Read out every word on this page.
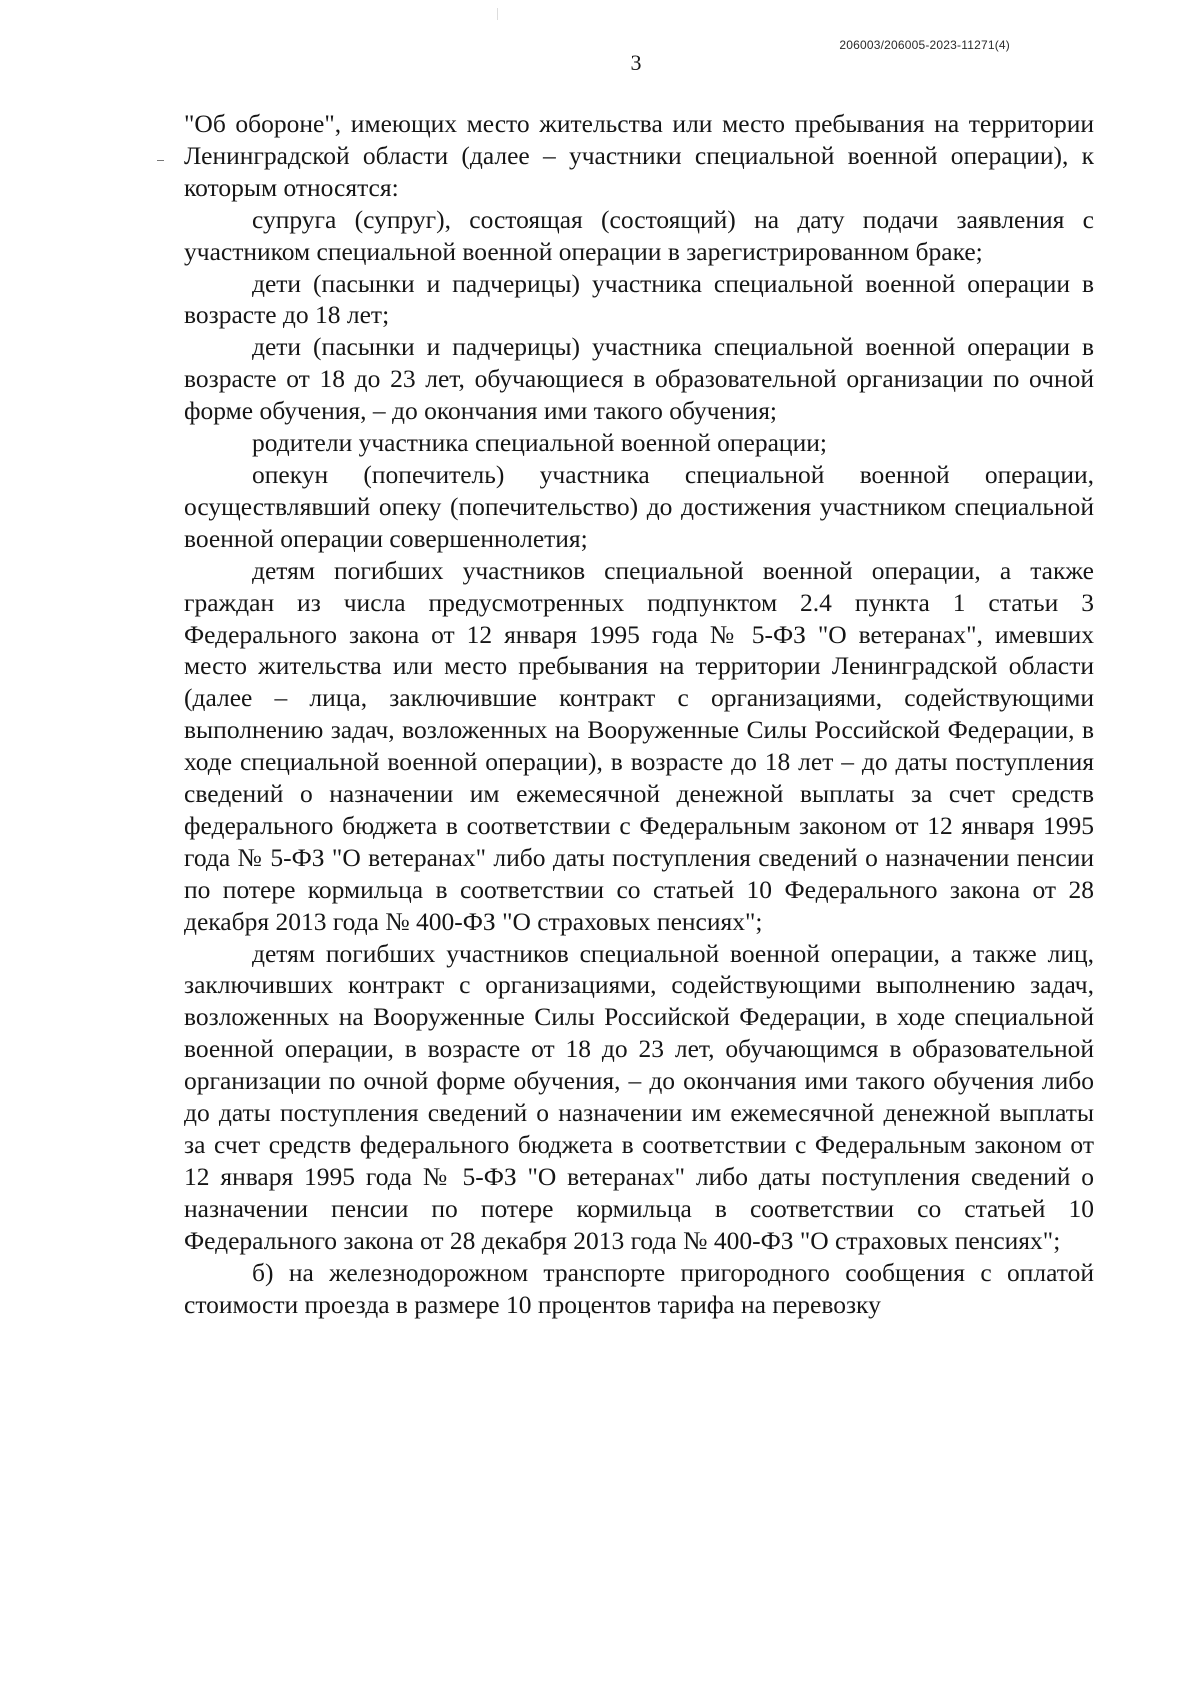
206003/206005-2023-11271(4)
3

"Об обороне", имеющих место жительства или место пребывания на территории Ленинградской области (далее – участники специальной военной операции), к которым относятся:

супруга (супруг), состоящая (состоящий) на дату подачи заявления с участником специальной военной операции в зарегистрированном браке;

дети (пасынки и падчерицы) участника специальной военной операции в возрасте до 18 лет;

дети (пасынки и падчерицы) участника специальной военной операции в возрасте от 18 до 23 лет, обучающиеся в образовательной организации по очной форме обучения, – до окончания ими такого обучения;

родители участника специальной военной операции;

опекун (попечитель) участника специальной военной операции, осуществлявший опеку (попечительство) до достижения участником специальной военной операции совершеннолетия;

детям погибших участников специальной военной операции, а также граждан из числа предусмотренных подпунктом 2.4 пункта 1 статьи 3 Федерального закона от 12 января 1995 года № 5-ФЗ "О ветеранах", имевших место жительства или место пребывания на территории Ленинградской области (далее – лица, заключившие контракт с организациями, содействующими выполнению задач, возложенных на Вооруженные Силы Российской Федерации, в ходе специальной военной операции), в возрасте до 18 лет – до даты поступления сведений о назначении им ежемесячной денежной выплаты за счет средств федерального бюджета в соответствии с Федеральным законом от 12 января 1995 года № 5-ФЗ "О ветеранах" либо даты поступления сведений о назначении пенсии по потере кормильца в соответствии со статьей 10 Федерального закона от 28 декабря 2013 года № 400-ФЗ "О страховых пенсиях";

детям погибших участников специальной военной операции, а также лиц, заключивших контракт с организациями, содействующими выполнению задач, возложенных на Вооруженные Силы Российской Федерации, в ходе специальной военной операции, в возрасте от 18 до 23 лет, обучающимся в образовательной организации по очной форме обучения, – до окончания ими такого обучения либо до даты поступления сведений о назначении им ежемесячной денежной выплаты за счет средств федерального бюджета в соответствии с Федеральным законом от 12 января 1995 года № 5-ФЗ "О ветеранах" либо даты поступления сведений о назначении пенсии по потере кормильца в соответствии со статьей 10 Федерального закона от 28 декабря 2013 года № 400-ФЗ "О страховых пенсиях";

б) на железнодорожном транспорте пригородного сообщения с оплатой стоимости проезда в размере 10 процентов тарифа на перевозку
